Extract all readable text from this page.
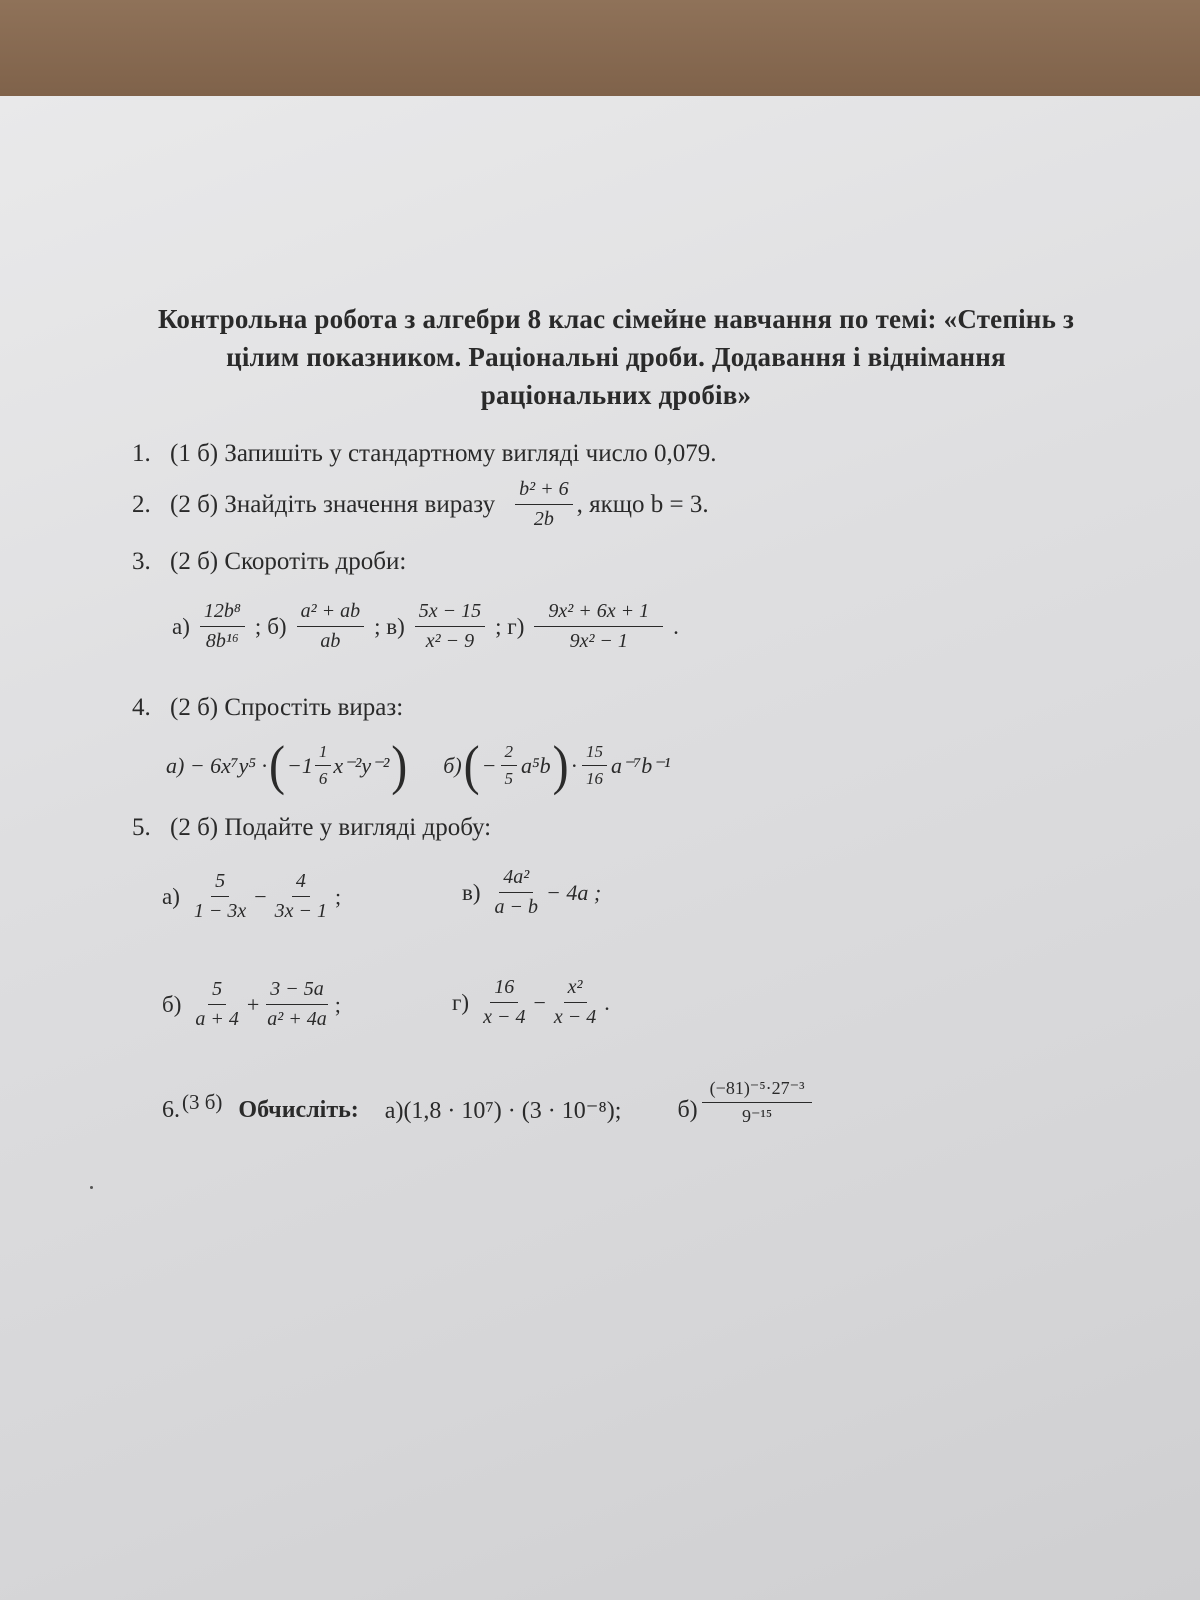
Контрольна робота з алгебри 8 клас сімейне навчання по темі: «Степінь з
цілим показником. Раціональні дроби. Додавання і віднімання
раціональних дробів»
1. (1 б) Запишіть у стандартному вигляді число 0,079.
2. (2 б) Знайдіть значення виразу $\frac{\text{b² + 6}}{2b}$ , якщо b = 3.
3. (2 б) Скоротіть дроби:
$а) \frac{\text{12b⁸}}{\text{8b¹⁶}}$ ; $б) \frac{\text{a² + ab}}{ab}$ ; $в) \frac{5x - 15}{\text{x² − 9}}$ ; $г) \frac{\text{9x² + 6x + 1}}{\text{9x² − 1}}$ .
4. (2 б) Спростіть вираз:
а) − 6x⁷y⁵ · ( $-1 \frac{1}{6} x^{-2}y^{-2}$ ) б) ( − $\frac{2}{5} a^5b$ ) · $\frac{15}{16} a^{-7}b^{-1}$
5. (2 б) Подайте у вигляді дробу:
$а) \frac{5}{1 - 3x} - \frac{4}{3x - 1}$ ;	$в) \frac{\text{4a²}}{a - b} - 4a$ ;
$б) \frac{5}{a + 4} + \frac{3 - 5a}{\text{a² + 4a}}$ ;	$г) \frac{16}{x - 4} - \frac{\text{x²}}{x - 4}$ .
6. (3 б) Обчисліть: а)(1,8 · 10⁷) · (3 · 10⁻⁸); $б) \frac{\text{(−81)⁻⁵·27⁻³}}{\text{9⁻¹⁵}}$
